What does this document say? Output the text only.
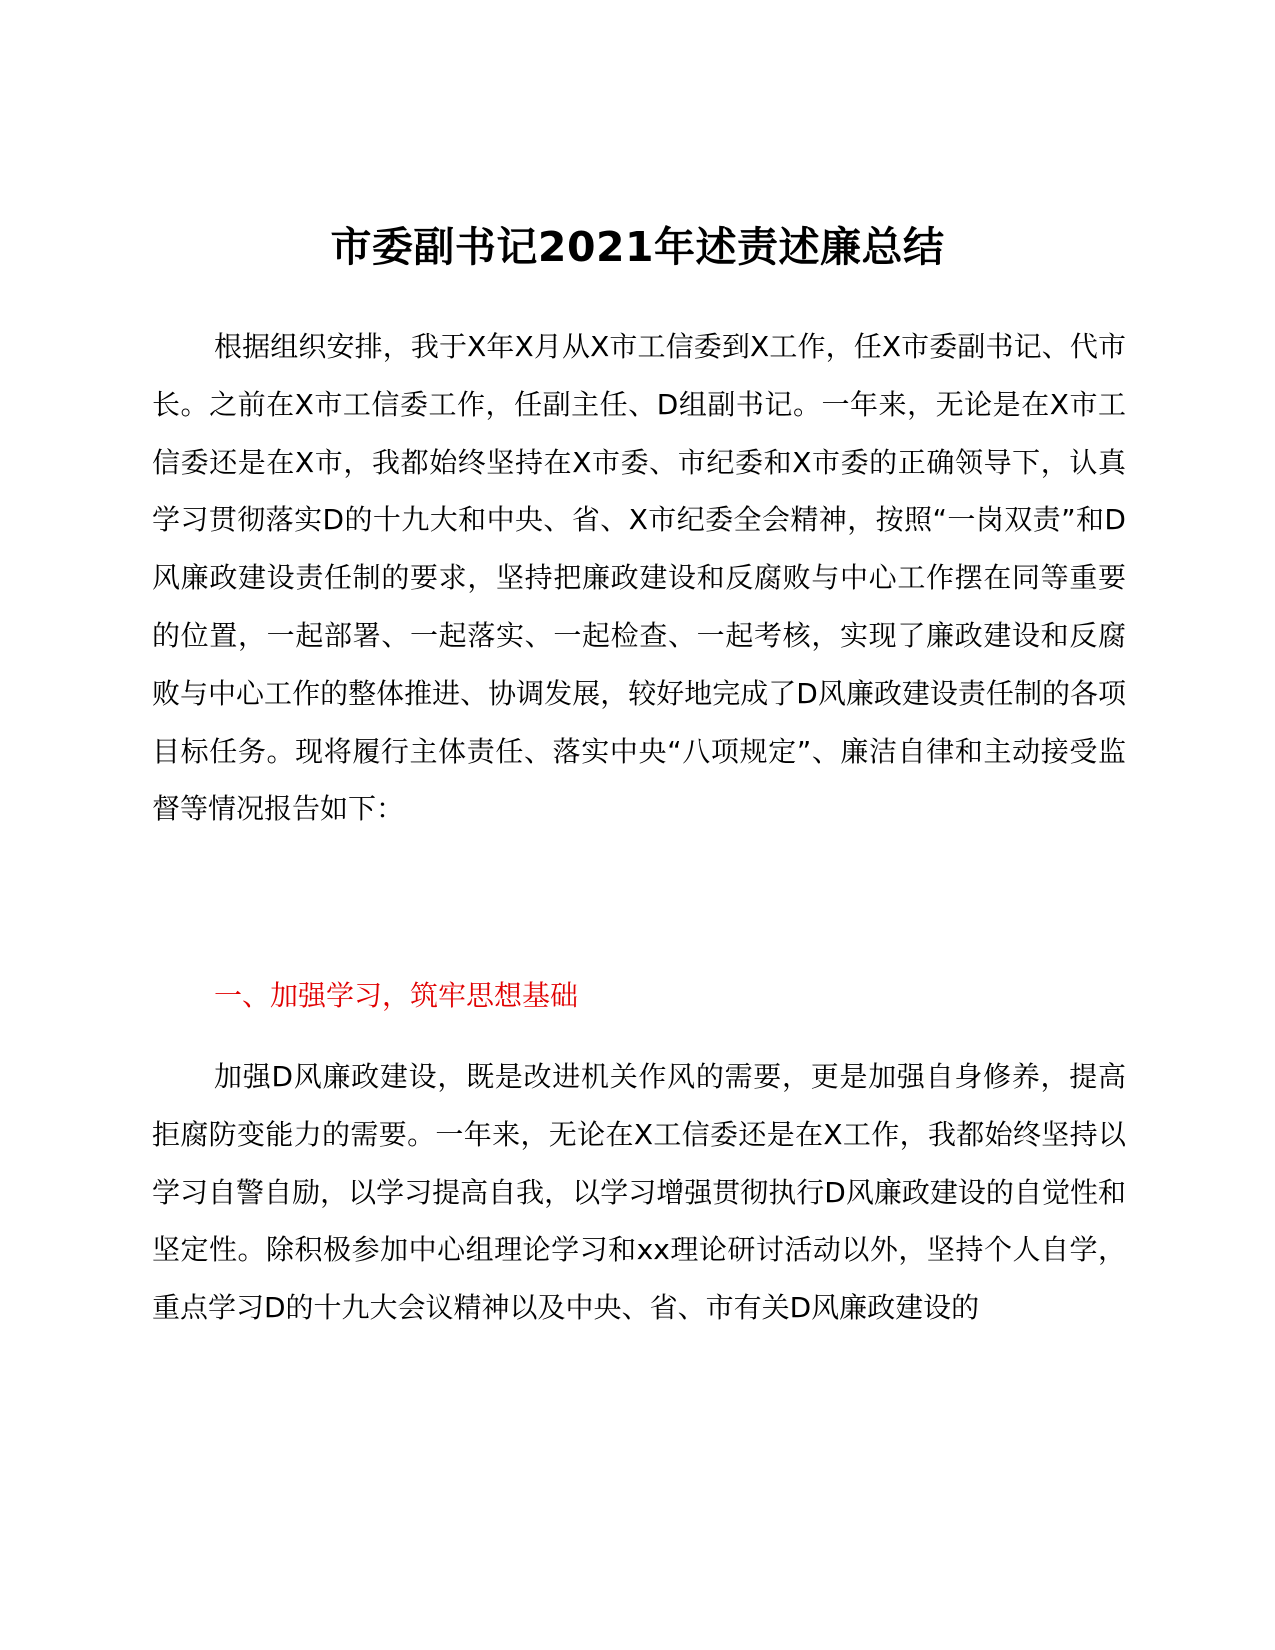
市委副书记2021年述责述廉总结

根据组织安排，我于X年X月从X市工信委到X工作，任X市委副书记、代市长。之前在X市工信委工作，任副主任、D组副书记。一年来，无论是在X市工信委还是在X市，我都始终坚持在X市委、市纪委和X市委的正确领导下，认真学习贯彻落实D的十九大和中央、省、X市纪委全会精神，按照“一岗双责”和D风廉政建设责任制的要求，坚持把廉政建设和反腐败与中心工作摆在同等重要的位置，一起部署、一起落实、一起检查、一起考核，实现了廉政建设和反腐败与中心工作的整体推进、协调发展，较好地完成了D风廉政建设责任制的各项目标任务。现将履行主体责任、落实中央“八项规定”、廉洁自律和主动接受监督等情况报告如下：

一、加强学习，筑牢思想基础

加强D风廉政建设，既是改进机关作风的需要，更是加强自身修养，提高拒腐防变能力的需要。一年来，无论在X工信委还是在X工作，我都始终坚持以学习自警自励，以学习提高自我，以学习增强贯彻执行D风廉政建设的自觉性和坚定性。除积极参加中心组理论学习和xx理论研讨活动以外，坚持个人自学，重点学习D的十九大会议精神以及中央、省、市有关D风廉政建设的
